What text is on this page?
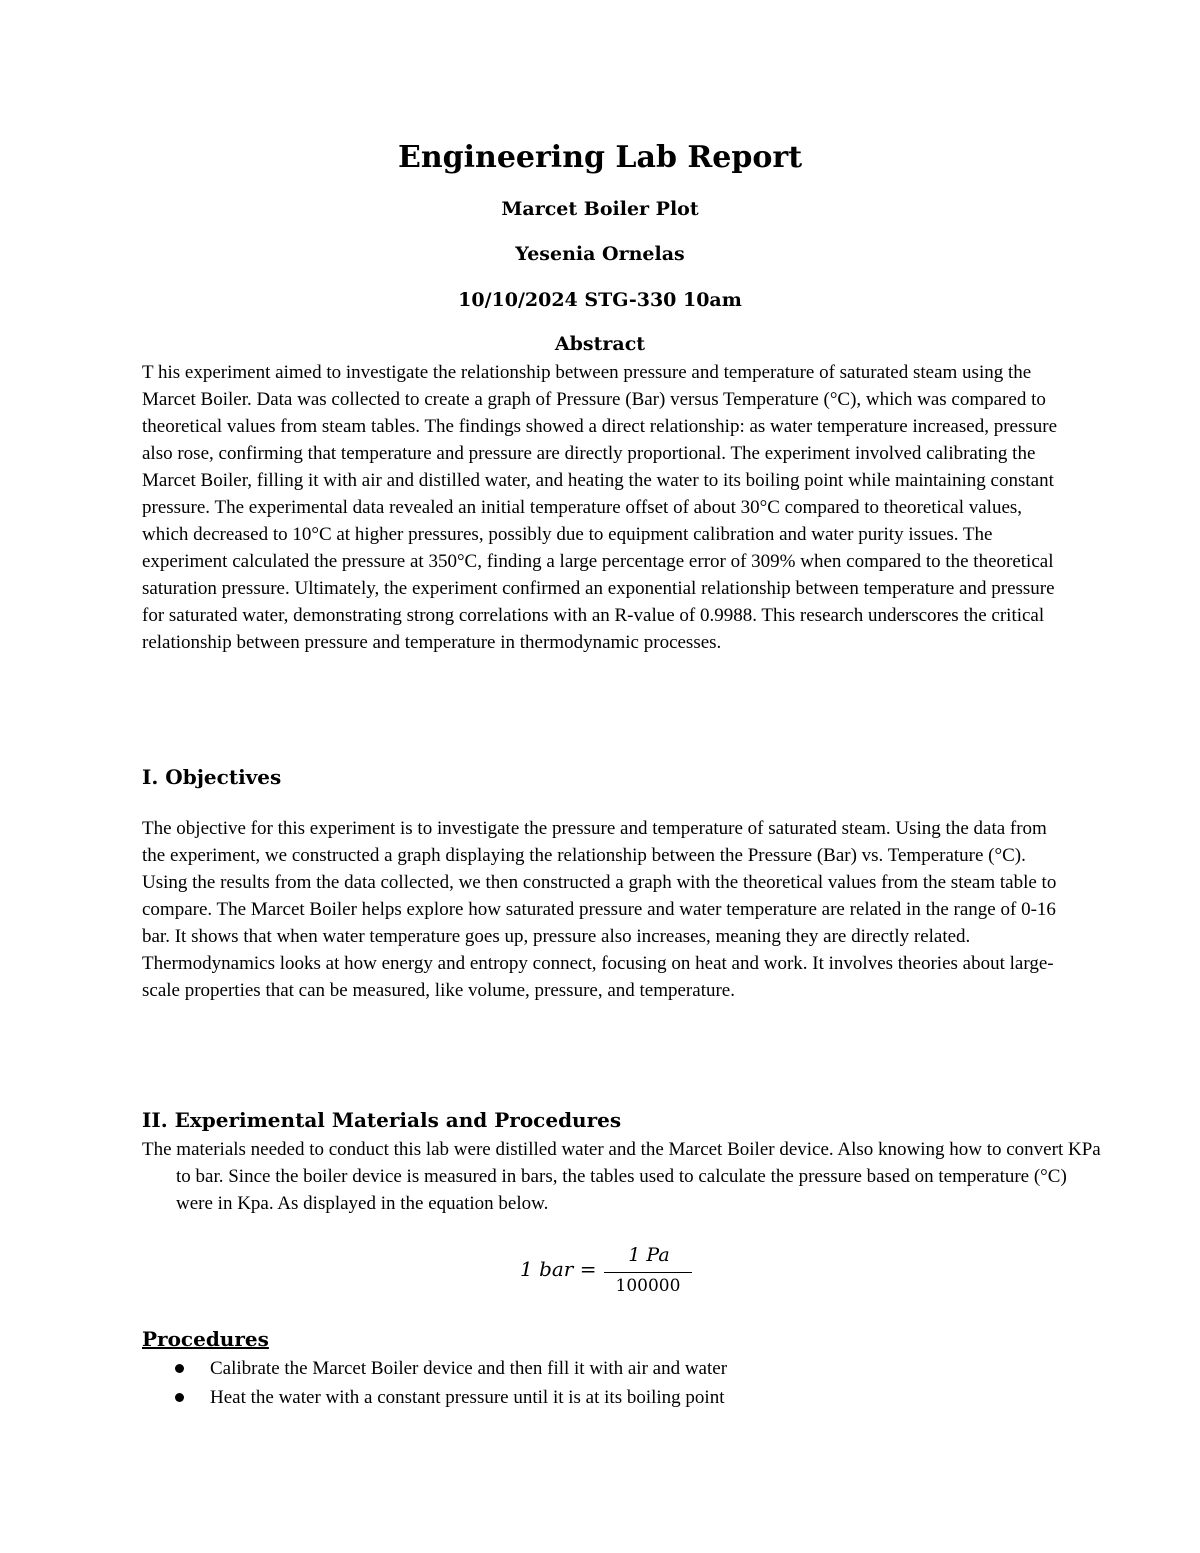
Engineering Lab Report
Marcet Boiler Plot
Yesenia Ornelas
10/10/2024 STG-330 10am
Abstract
T his experiment aimed to investigate the relationship between pressure and temperature of saturated steam using the Marcet Boiler. Data was collected to create a graph of Pressure (Bar) versus Temperature (°C), which was compared to theoretical values from steam tables. The findings showed a direct relationship: as water temperature increased, pressure also rose, confirming that temperature and pressure are directly proportional. The experiment involved calibrating the Marcet Boiler, filling it with air and distilled water, and heating the water to its boiling point while maintaining constant pressure. The experimental data revealed an initial temperature offset of about 30°C compared to theoretical values, which decreased to 10°C at higher pressures, possibly due to equipment calibration and water purity issues. The experiment calculated the pressure at 350°C, finding a large percentage error of 309% when compared to the theoretical saturation pressure. Ultimately, the experiment confirmed an exponential relationship between temperature and pressure for saturated water, demonstrating strong correlations with an R-value of 0.9988. This research underscores the critical relationship between pressure and temperature in thermodynamic processes.
I. Objectives
The objective for this experiment is to investigate the pressure and temperature of saturated steam. Using the data from the experiment, we constructed a graph displaying the relationship between the Pressure (Bar) vs. Temperature (°C). Using the results from the data collected, we then constructed a graph with the theoretical values from the steam table to compare. The Marcet Boiler helps explore how saturated pressure and water temperature are related in the range of 0-16 bar. It shows that when water temperature goes up, pressure also increases, meaning they are directly related. Thermodynamics looks at how energy and entropy connect, focusing on heat and work. It involves theories about large-scale properties that can be measured, like volume, pressure, and temperature.
II. Experimental Materials and Procedures
The materials needed to conduct this lab were distilled water and the Marcet Boiler device. Also knowing how to convert KPa to bar. Since the boiler device is measured in bars, the tables used to calculate the pressure based on temperature (°C) were in Kpa. As displayed in the equation below.
1 bar =
1 Pa
100000
Procedures
Calibrate the Marcet Boiler device and then fill it with air and water
Heat the water with a constant pressure until it is at its boiling point
